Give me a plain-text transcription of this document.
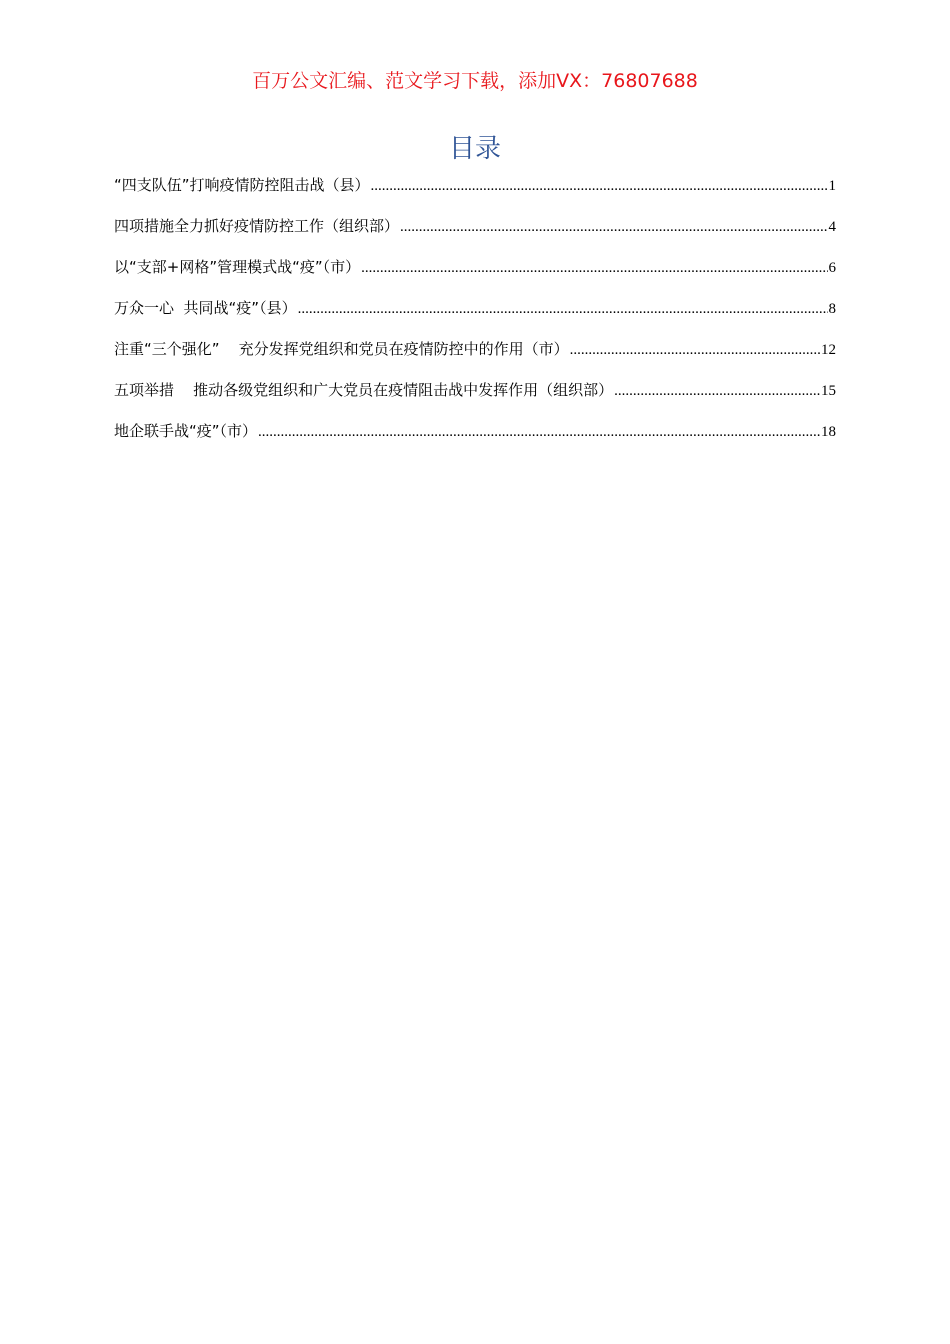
百万公文汇编、范文学习下载，添加VX：76807688
目录
“四支队伍”打响疫情防控阻击战（县） .....	1
四项措施全力抓好疫情防控工作（组织部） .....	4
以“支部+网格”管理模式战“疫”（市） .....	6
万众一心  共同战“疫”（县） .....	8
注重“三个强化”    充分发挥党组织和党员在疫情防控中的作用（市） .....	12
五项举措    推动各级党组织和广大党员在疫情阻击战中发挥作用（组织部） .....	15
地企联手战“疫”（市） .....	18
